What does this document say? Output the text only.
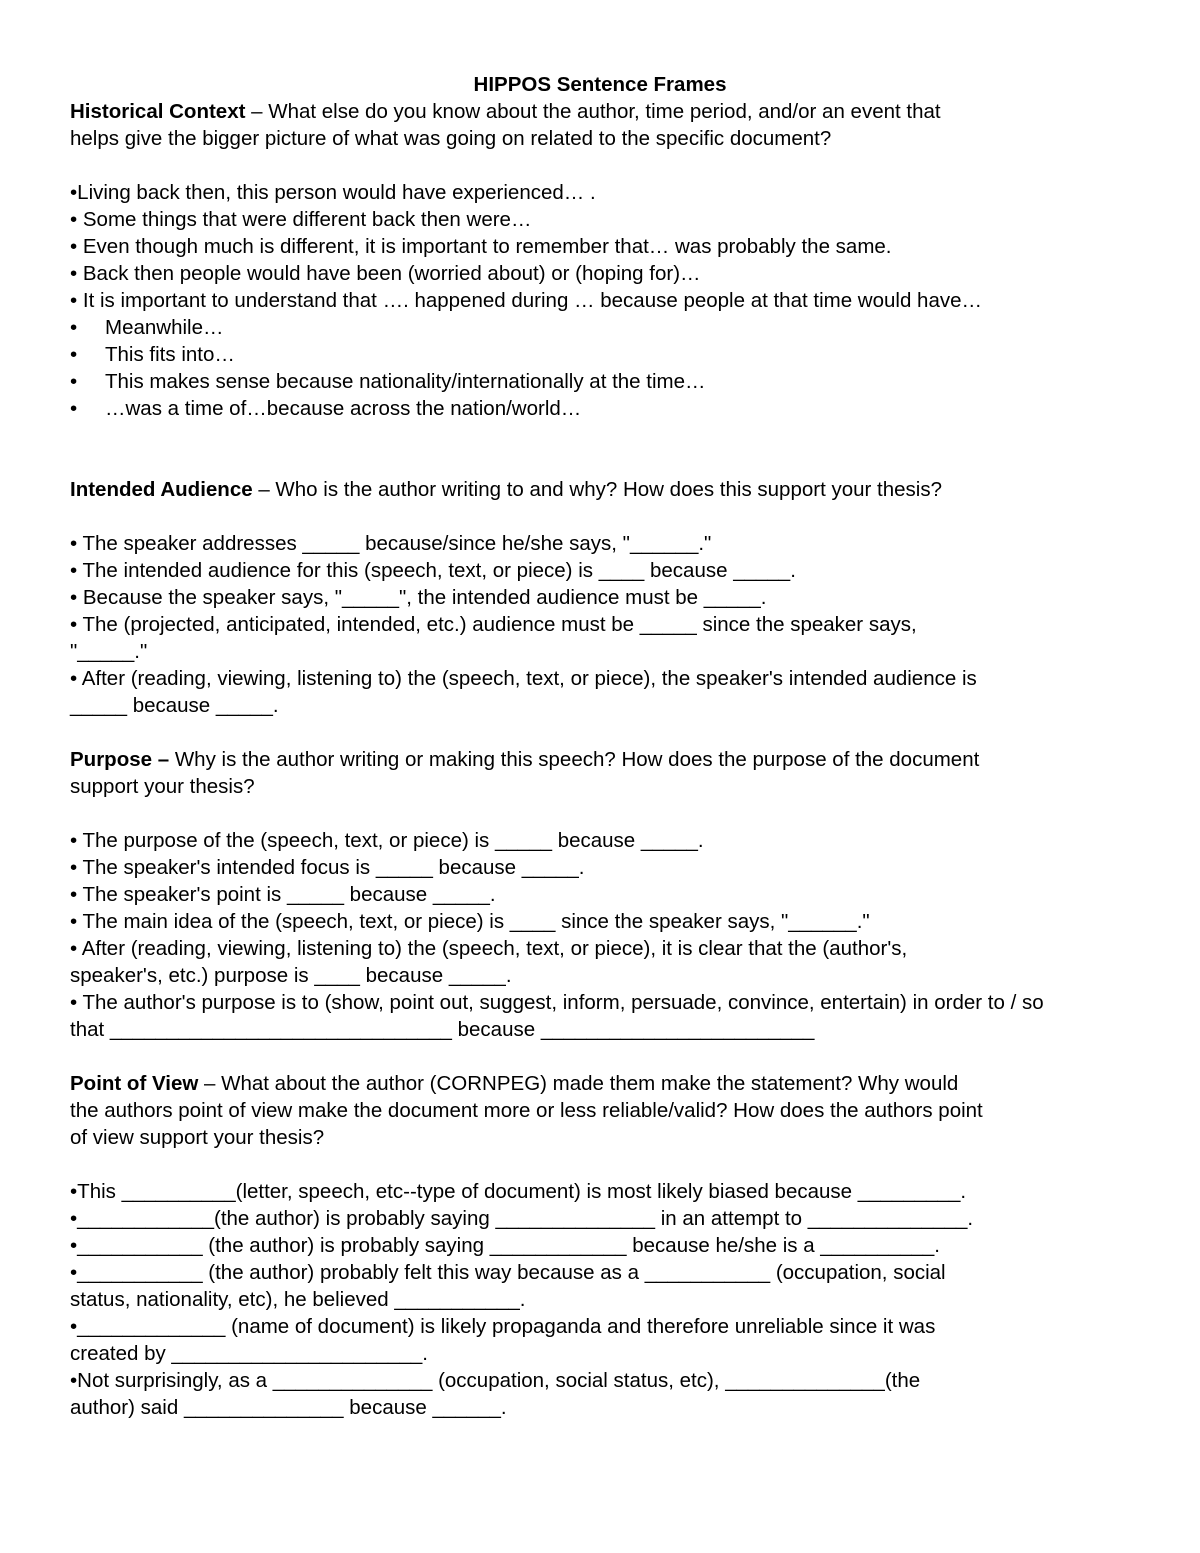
HIPPOS Sentence Frames

Historical Context – What else do you know about the author, time period, and/or an event that

helps give the bigger picture of what was going on related to the specific document?

•Living back then, this person would have experienced… .

• Some things that were different back then were…

• Even though much is different, it is important to remember that… was probably the same.

• Back then people would have been (worried about) or (hoping for)…

• It is important to understand that …. happened during … because people at that time would have…

• Meanwhile…

• This fits into…

• This makes sense because nationality/internationally at the time…

• …was a time of…because across the nation/world…

Intended Audience – Who is the author writing to and why? How does this support your thesis?

• The speaker addresses _____ because/since he/she says, "______."

• The intended audience for this (speech, text, or piece) is ____ because _____.

• Because the speaker says, "_____", the intended audience must be _____.

• The (projected, anticipated, intended, etc.) audience must be _____ since the speaker says,

"_____."

• After (reading, viewing, listening to) the (speech, text, or piece), the speaker's intended audience is

_____ because _____.

Purpose – Why is the author writing or making this speech? How does the purpose of the document

support your thesis?

• The purpose of the (speech, text, or piece) is _____ because _____.

• The speaker's intended focus is _____ because _____.

• The speaker's point is _____ because _____.

• The main idea of the (speech, text, or piece) is ____ since the speaker says, "______."

• After (reading, viewing, listening to) the (speech, text, or piece), it is clear that the (author's,

speaker's, etc.) purpose is ____ because _____.

• The author's purpose is to (show, point out, suggest, inform, persuade, convince, entertain) in order to / so

that ______________________________ because ________________________

Point of View – What about the author (CORNPEG) made them make the statement? Why would

the authors point of view make the document more or less reliable/valid? How does the authors point

of view support your thesis?

•This __________(letter, speech, etc--type of document) is most likely biased because _________.

•____________(the author) is probably saying ______________ in an attempt to ______________.

•___________ (the author) is probably saying ____________ because he/she is a __________.

•___________ (the author) probably felt this way because as a ___________ (occupation, social

status, nationality, etc), he believed ___________.

•_____________ (name of document) is likely propaganda and therefore unreliable since it was

created by ______________________.

•Not surprisingly, as a ______________ (occupation, social status, etc), ______________(the

author) said ______________ because ______.
